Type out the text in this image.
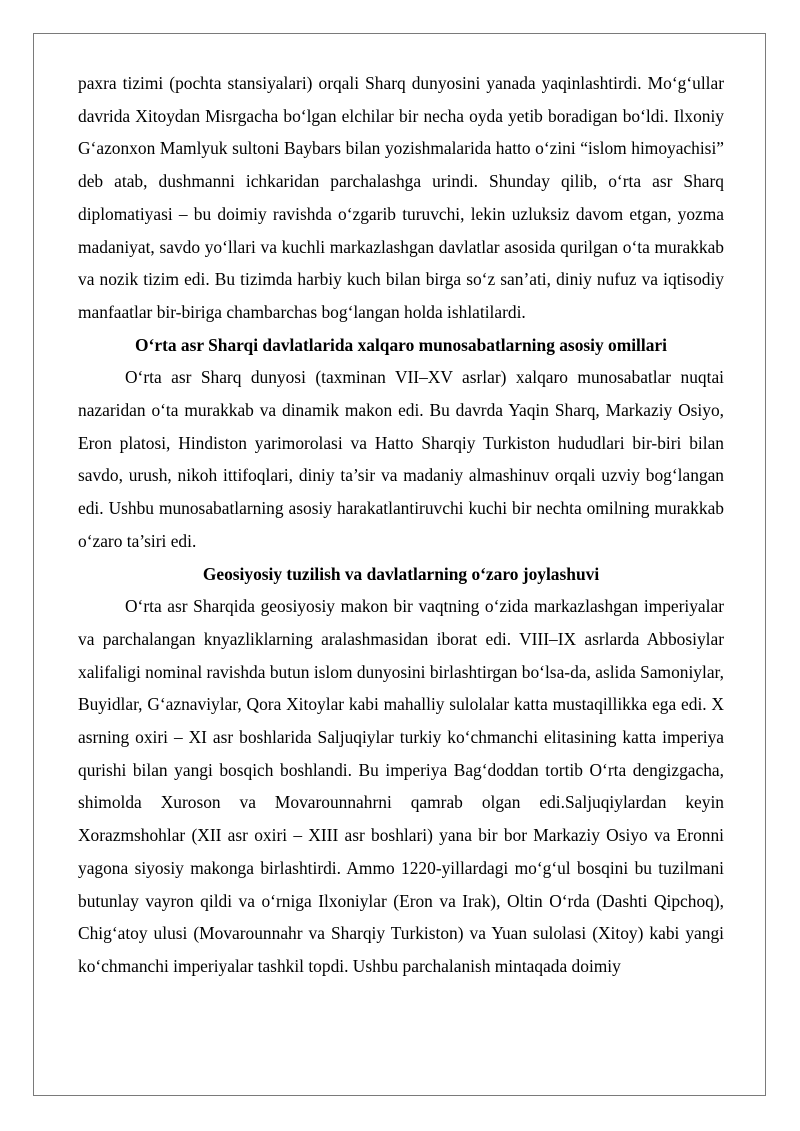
paxra tizimi (pochta stansiyalari) orqali Sharq dunyosini yanada yaqinlashtirdi. Mo‘g‘ullar davrida Xitoydan Misrgacha bo‘lgan elchilar bir necha oyda yetib boradigan bo‘ldi. Ilxoniy G‘azonxon Mamlyuk sultoni Baybars bilan yozishmalarida hatto o‘zini “islom himoyachisi” deb atab, dushmanni ichkaridan parchalashga urindi. Shunday qilib, o‘rta asr Sharq diplomatiyasi – bu doimiy ravishda o‘zgarib turuvchi, lekin uzluksiz davom etgan, yozma madaniyat, savdo yo‘llari va kuchli markazlashgan davlatlar asosida qurilgan o‘ta murakkab va nozik tizim edi. Bu tizimda harbiy kuch bilan birga so‘z san’ati, diniy nufuz va iqtisodiy manfaatlar bir-biriga chambarchas bog‘langan holda ishlatilardi.

O‘rta asr Sharqi davlatlarida xalqaro munosabatlarning asosiy omillari

O‘rta asr Sharq dunyosi (taxminan VII–XV asrlar) xalqaro munosabatlar nuqtai nazaridan o‘ta murakkab va dinamik makon edi. Bu davrda Yaqin Sharq, Markaziy Osiyo, Eron platosi, Hindiston yarimorolasi va Hatto Sharqiy Turkiston hududlari bir-biri bilan savdo, urush, nikoh ittifoqlari, diniy ta’sir va madaniy almashinuv orqali uzviy bog‘langan edi. Ushbu munosabatlarning asosiy harakatlantiruvchi kuchi bir nechta omilning murakkab o‘zaro ta’siri edi.

Geosiyosiy tuzilish va davlatlarning o‘zaro joylashuvi

O‘rta asr Sharqida geosiyosiy makon bir vaqtning o‘zida markazlashgan imperiyalar va parchalangan knyazliklarning aralashmasidan iborat edi. VIII–IX asrlarda Abbosiylar xalifaligi nominal ravishda butun islom dunyosini birlashtirgan bo‘lsa-da, aslida Samoniylar, Buyidlar, G‘aznaviylar, Qora Xitoylar kabi mahalliy sulolalar katta mustaqillikka ega edi. X asrning oxiri – XI asr boshlarida Saljuqiylar turkiy ko‘chmanchi elitasining katta imperiya qurishi bilan yangi bosqich boshlandi. Bu imperiya Bag‘doddan tortib O‘rta dengizgacha, shimolda Xuroson va Movarounnahrni qamrab olgan edi.Saljuqiylardan keyin Xorazmshohlar (XII asr oxiri – XIII asr boshlari) yana bir bor Markaziy Osiyo va Eronni yagona siyosiy makonga birlashtirdi. Ammo 1220-yillardagi mo‘g‘ul bosqini bu tuzilmani butunlay vayron qildi va o‘rniga Ilxoniylar (Eron va Irak), Oltin O‘rda (Dashti Qipchoq), Chig‘atoy ulusi (Movarounnahr va Sharqiy Turkiston) va Yuan sulolasi (Xitoy) kabi yangi ko‘chmanchi imperiyalar tashkil topdi. Ushbu parchalanish mintaqada doimiy
